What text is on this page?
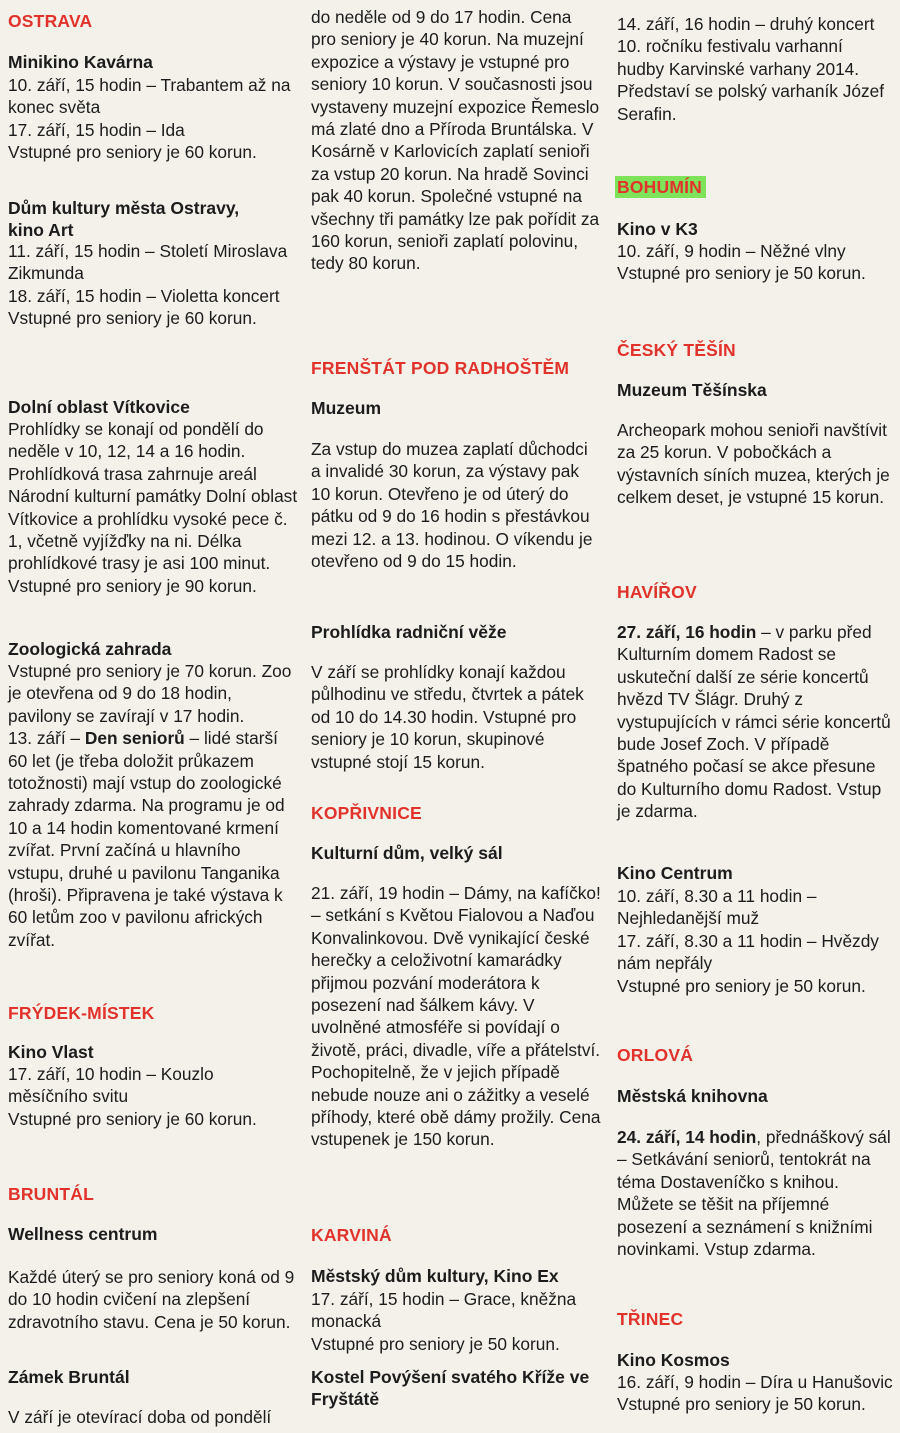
OSTRAVA
Minikino Kavárna
10. září, 15 hodin – Trabantem až na konec světa
17. září, 15 hodin – Ida
Vstupné pro seniory je 60 korun.
Dům kultury města Ostravy, kino Art
11. září, 15 hodin – Století Miroslava Zikmunda
18. září, 15 hodin – Violetta koncert
Vstupné pro seniory je 60 korun.
Dolní oblast Vítkovice
Prohlídky se konají od pondělí do neděle v 10, 12, 14 a 16 hodin. Prohlídková trasa zahrnuje areál Národní kulturní památky Dolní oblast Vítkovice a prohlídku vysoké pece č. 1, včetně vyjížďky na ni. Délka prohlídkové trasy je asi 100 minut. Vstupné pro seniory je 90 korun.
Zoologická zahrada
Vstupné pro seniory je 70 korun. Zoo je otevřena od 9 do 18 hodin, pavilony se zavírají v 17 hodin.
13. září – Den seniorů – lidé starší 60 let (je třeba doložit průkazem totožnosti) mají vstup do zoologické zahrady zdarma. Na programu je od 10 a 14 hodin komentované krmení zvířat. První začíná u hlavního vstupu, druhé u pavilonu Tanganika (hroši). Připravena je také výstava k 60 letům zoo v pavilonu afrických zvířat.
FRÝDEK-MÍSTEK
Kino Vlast
17. září, 10 hodin – Kouzlo měsíčního svitu
Vstupné pro seniory je 60 korun.
BRUNTÁL
Wellness centrum
Každé úterý se pro seniory koná od 9 do 10 hodin cvičení na zlepšení zdravotního stavu. Cena je 50 korun.
Zámek Bruntál
V září je otevírací doba od pondělí
do neděle od 9 do 17 hodin. Cena pro seniory je 40 korun. Na muzejní expozice a výstavy je vstupné pro seniory 10 korun. V současnosti jsou vystaveny muzejní expozice Řemeslo má zlaté dno a Příroda Bruntálska. V Kosárně v Karlovicích zaplatí senioři za vstup 20 korun. Na hradě Sovinci pak 40 korun. Společné vstupné na všechny tři památky lze pak pořídit za 160 korun, senioři zaplatí polovinu, tedy 80 korun.
FRENŠTÁT POD RADHOŠTĚM
Muzeum
Za vstup do muzea zaplatí důchodci a invalidé 30 korun, za výstavy pak 10 korun. Otevřeno je od úterý do pátku od 9 do 16 hodin s přestávkou mezi 12. a 13. hodinou. O víkendu je otevřeno od 9 do 15 hodin.
Prohlídka radniční věže
V září se prohlídky konají každou půlhodinu ve středu, čtvrtek a pátek od 10 do 14.30 hodin. Vstupné pro seniory je 10 korun, skupinové vstupné stojí 15 korun.
KOPŘIVNICE
Kulturní dům, velký sál
21. září, 19 hodin – Dámy, na kafíčko! – setkání s Květou Fialovou a Naďou Konvalinkovou. Dvě vynikající české herečky a celoživotní kamarádky přijmou pozvání moderátora k posezení nad šálkem kávy. V uvolněné atmosféře si povídají o životě, práci, divadle, víře a přátelství. Pochopitelně, že v jejich případě nebude nouze ani o zážitky a veselé příhody, které obě dámy prožily. Cena vstupenek je 150 korun.
KARVINÁ
Městský dům kultury, Kino Ex
17. září, 15 hodin – Grace, kněžna monacká
Vstupné pro seniory je 50 korun.
Kostel Povýšení svatého Kříže ve Fryštátě
14. září, 16 hodin – druhý koncert 10. ročníku festivalu varhanní hudby Karvinské varhany 2014. Představí se polský varhaník Józef Serafin.
BOHUMÍN
Kino v K3
10. září, 9 hodin – Něžné vlny
Vstupné pro seniory je 50 korun.
ČESKÝ TĚŠÍN
Muzeum Těšínska
Archeopark mohou senioři navštívit za 25 korun. V pobočkách a výstavních síních muzea, kterých je celkem deset, je vstupné 15 korun.
HAVÍŘOV
27. září, 16 hodin – v parku před Kulturním domem Radost se uskuteční další ze série koncertů hvězd TV Šlágr. Druhý z vystupujících v rámci série koncertů bude Josef Zoch. V případě špatného počasí se akce přesune do Kulturního domu Radost. Vstup je zdarma.
Kino Centrum
10. září, 8.30 a 11 hodin – Nejhledanější muž
17. září, 8.30 a 11 hodin – Hvězdy nám nepřály
Vstupné pro seniory je 50 korun.
ORLOVÁ
Městská knihovna
24. září, 14 hodin, přednáškový sál – Setkávání seniorů, tentokrát na téma Dostaveníčko s knihou. Můžete se těšit na příjemné posezení a seznámení s knižními novinkami. Vstup zdarma.
TŘINEC
Kino Kosmos
16. září, 9 hodin – Díra u Hanušovic
Vstupné pro seniory je 50 korun.
